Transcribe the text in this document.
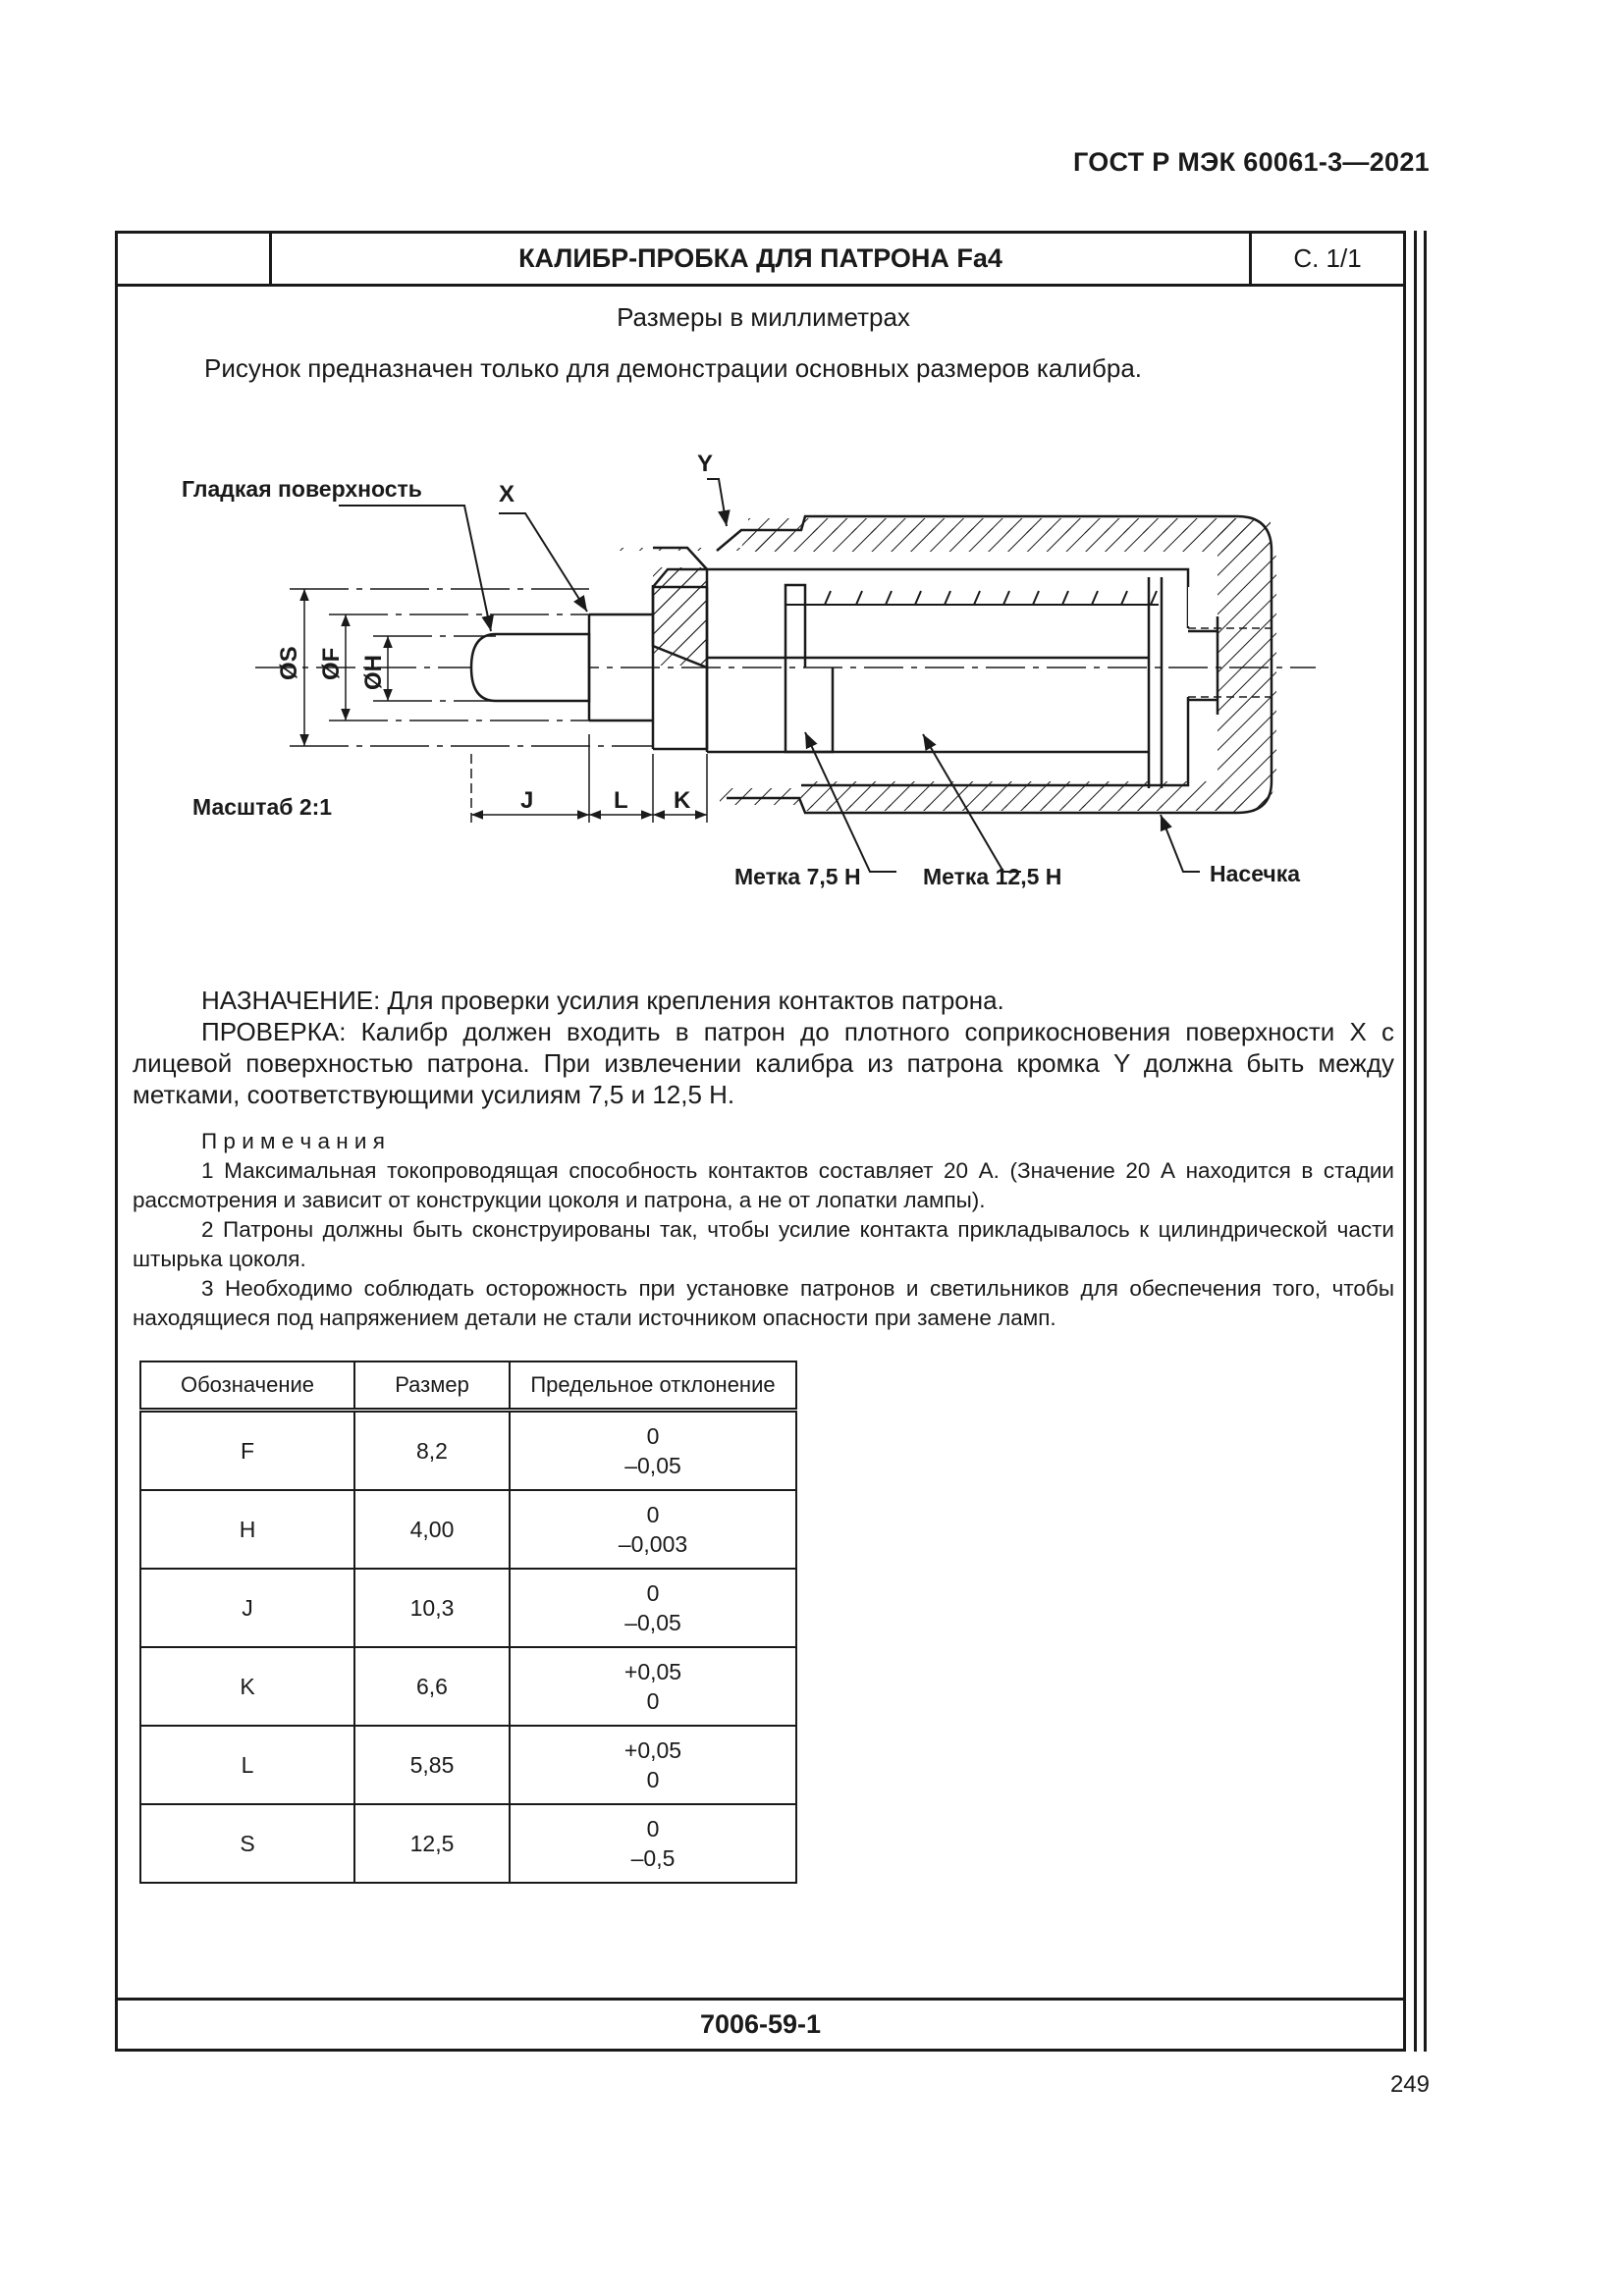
ГОСТ Р МЭК 60061-3—2021
КАЛИБР-ПРОБКА ДЛЯ ПАТРОНА Fa4	С. 1/1
Размеры в миллиметрах
Рисунок предназначен только для демонстрации основных размеров калибра.
Гладкая поверхность	X
Y
ØS ØF ØH
Масштаб 2:1	J	L K
Метка 7,5 Н	Метка 12,5 Н	Насечка
НАЗНАЧЕНИЕ: Для проверки усилия крепления контактов патрона.
ПРОВЕРКА: Калибр должен входить в патрон до плотного соприкосновения поверхности X с лицевой поверхностью патрона. При извлечении калибра из патрона кромка Y должна быть между метками, соответствующими усилиям 7,5 и 12,5 Н.
П р и м е ч а н и я
1 Максимальная токопроводящая способность контактов составляет 20 А. (Значение 20 А находится в стадии рассмотрения и зависит от конструкции цоколя и патрона, а не от лопатки лампы).
2 Патроны должны быть сконструированы так, чтобы усилие контакта прикладывалось к цилиндрической части штырька цоколя.
3 Необходимо соблюдать осторожность при установке патронов и светильников для обеспечения того, чтобы находящиеся под напряжением детали не стали источником опасности при замене ламп.
Обозначение	Размер	Предельное отклонение
F	8,2	0
–0,05

H	4,00	0
–0,003

J	10,3	0
–0,05

K	6,6	+0,05
0

L	5,85	+0,05
0

S	12,5	0
–0,5
7006-59-1
249
